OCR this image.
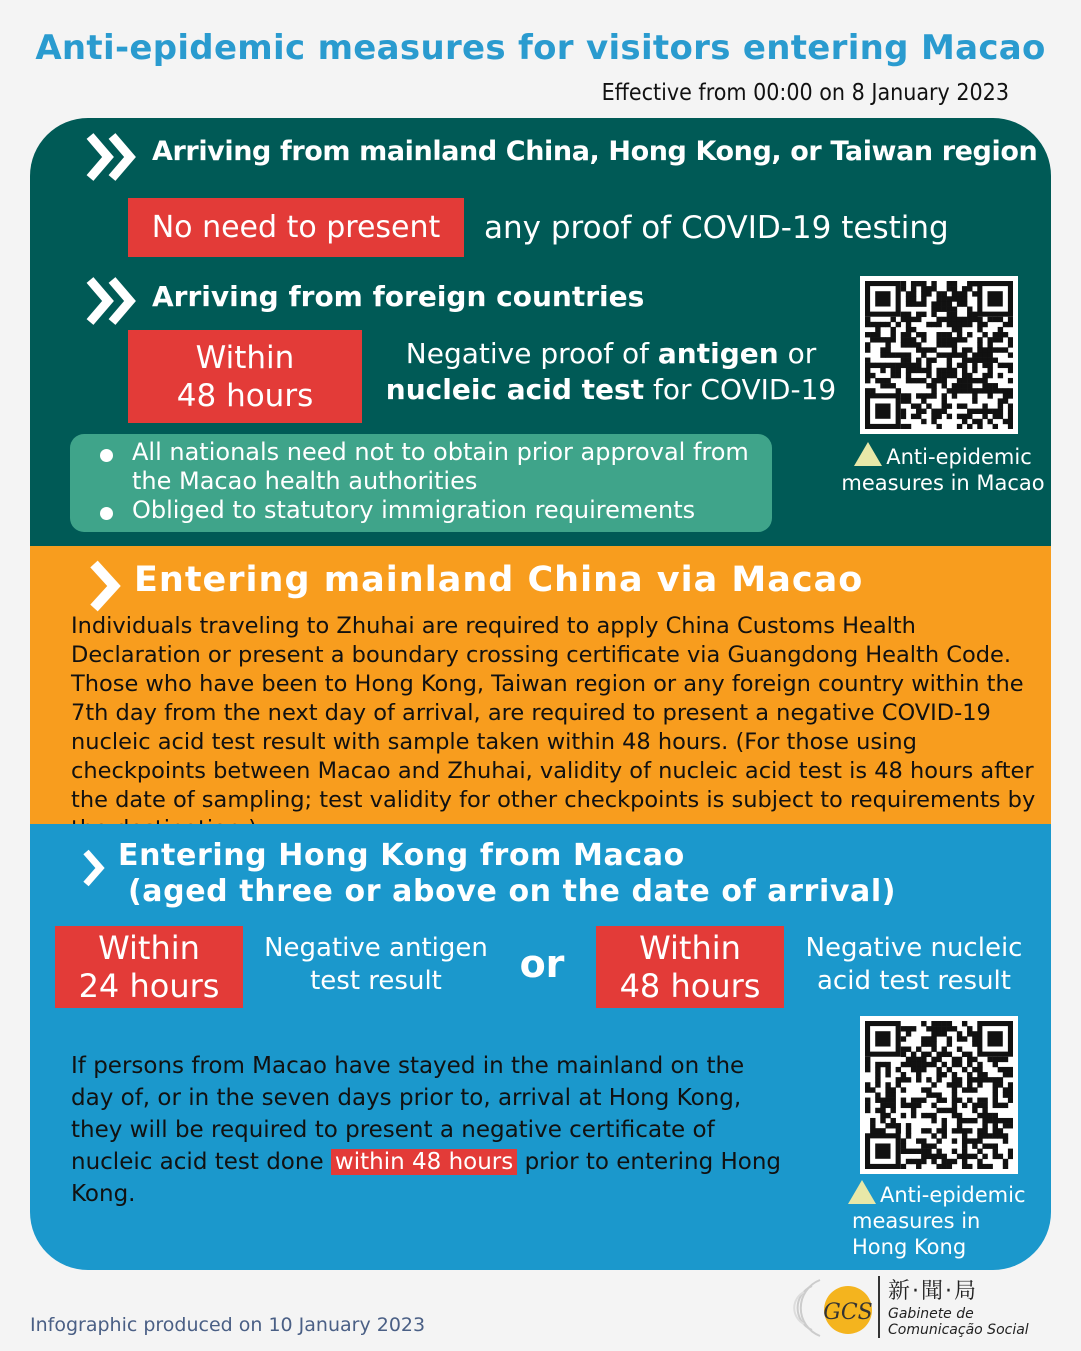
Anti-epidemic measures for visitors entering Macao
Effective from 00:00 on 8 January 2023
Arriving from mainland China, Hong Kong, or Taiwan region
No need to present	any proof of COVID-19 testing
Arriving from foreign countries
Within
48 hours
Negative proof of antigen or
nucleic acid test for COVID-19
All nationals need not to obtain prior approval from the Macao health authorities
Obliged to statutory immigration requirements
Anti-epidemic
measures in Macao
Entering mainland China via Macao
Individuals traveling to Zhuhai are required to apply China Customs Health Declaration or present a boundary crossing certificate via Guangdong Health Code. Those who have been to Hong Kong, Taiwan region or any foreign country within the 7th day from the next day of arrival, are required to present a negative COVID-19 nucleic acid test result with sample taken within 48 hours. (For those using checkpoints between Macao and Zhuhai, validity of nucleic acid test is 48 hours after the date of sampling; test validity for other checkpoints is subject to requirements by
Entering Hong Kong from Macao
(aged three or above on the date of arrival)
Within
24 hours
Negative antigen
test result	or	Within
48 hours
Negative nucleic
acid test result
If persons from Macao have stayed in the mainland on the day of, or in the seven days prior to, arrival at Hong Kong, they will be required to present a negative certificate of nucleic acid test done within 48 hours prior to entering Hong Kong.	Anti-epidemic
measures in
Hong Kong
Infographic produced on 10 January 2023	GCS
新·聞·局
Gabinete de
Comunicação Social
